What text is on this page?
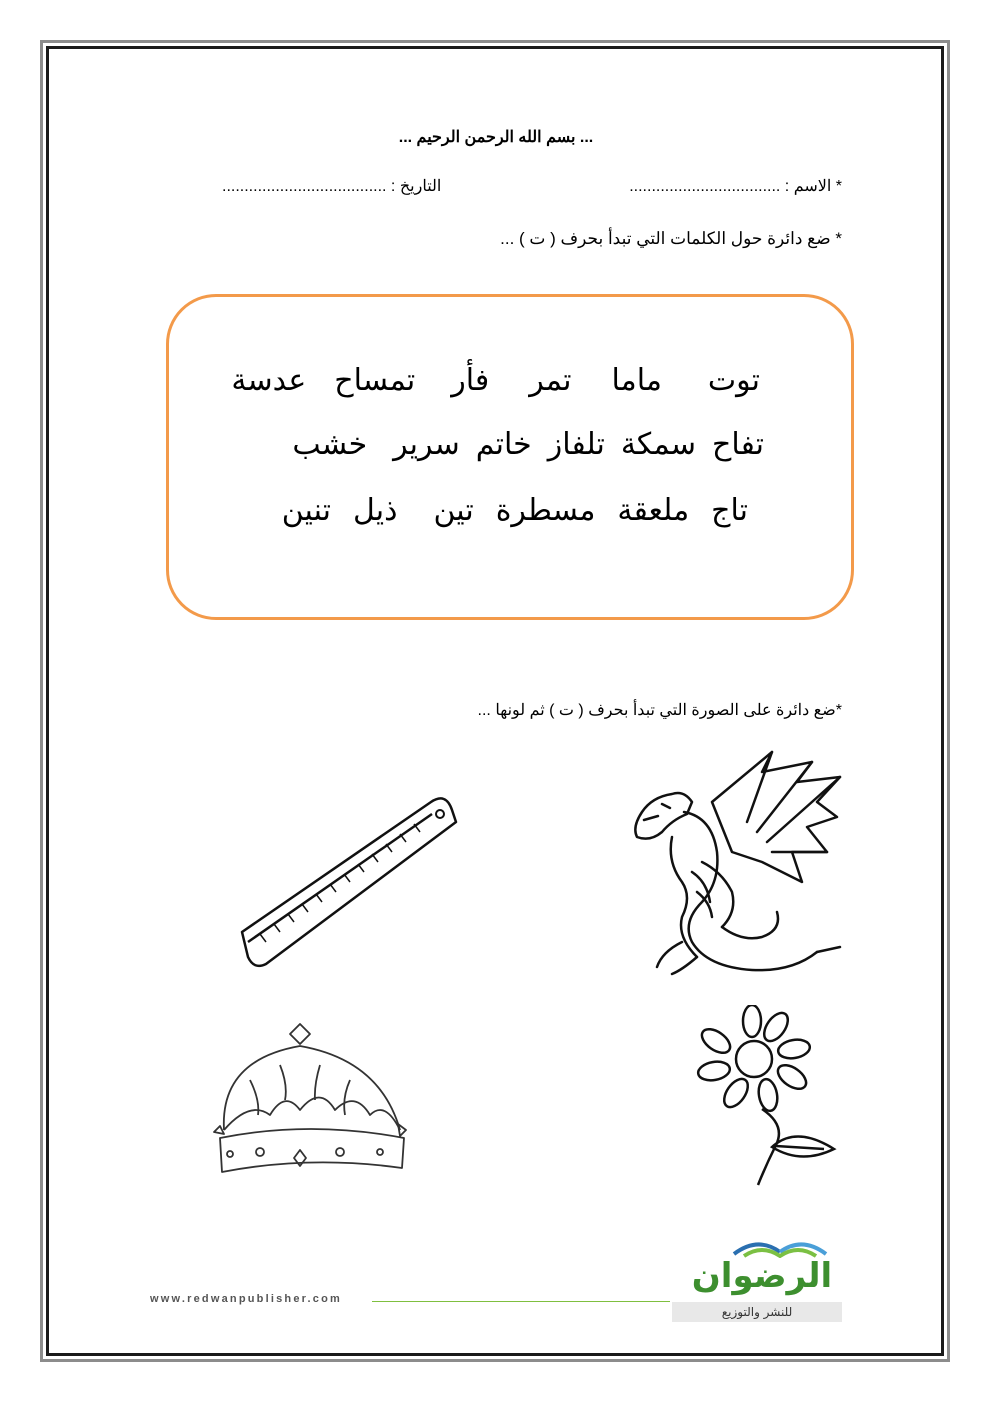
... بسم الله الرحمن الرحيم ...
* الاسم : ..................................
التاريخ : .....................................
* ضع دائرة حول الكلمات التي تبدأ بحرف ( ت ) ...
توت
ماما
تمر
فأر
تمساح
عدسة
تفاح
سمكة
تلفاز
خاتم
سرير
خشب
تاج
ملعقة
مسطرة
تين
ذيل
تنين
*ضع دائرة على الصورة التي تبدأ بحرف ( ت ) ثم لونها ...
www.redwanpublisher.com
الرضوان
للنشر والتوزيع
